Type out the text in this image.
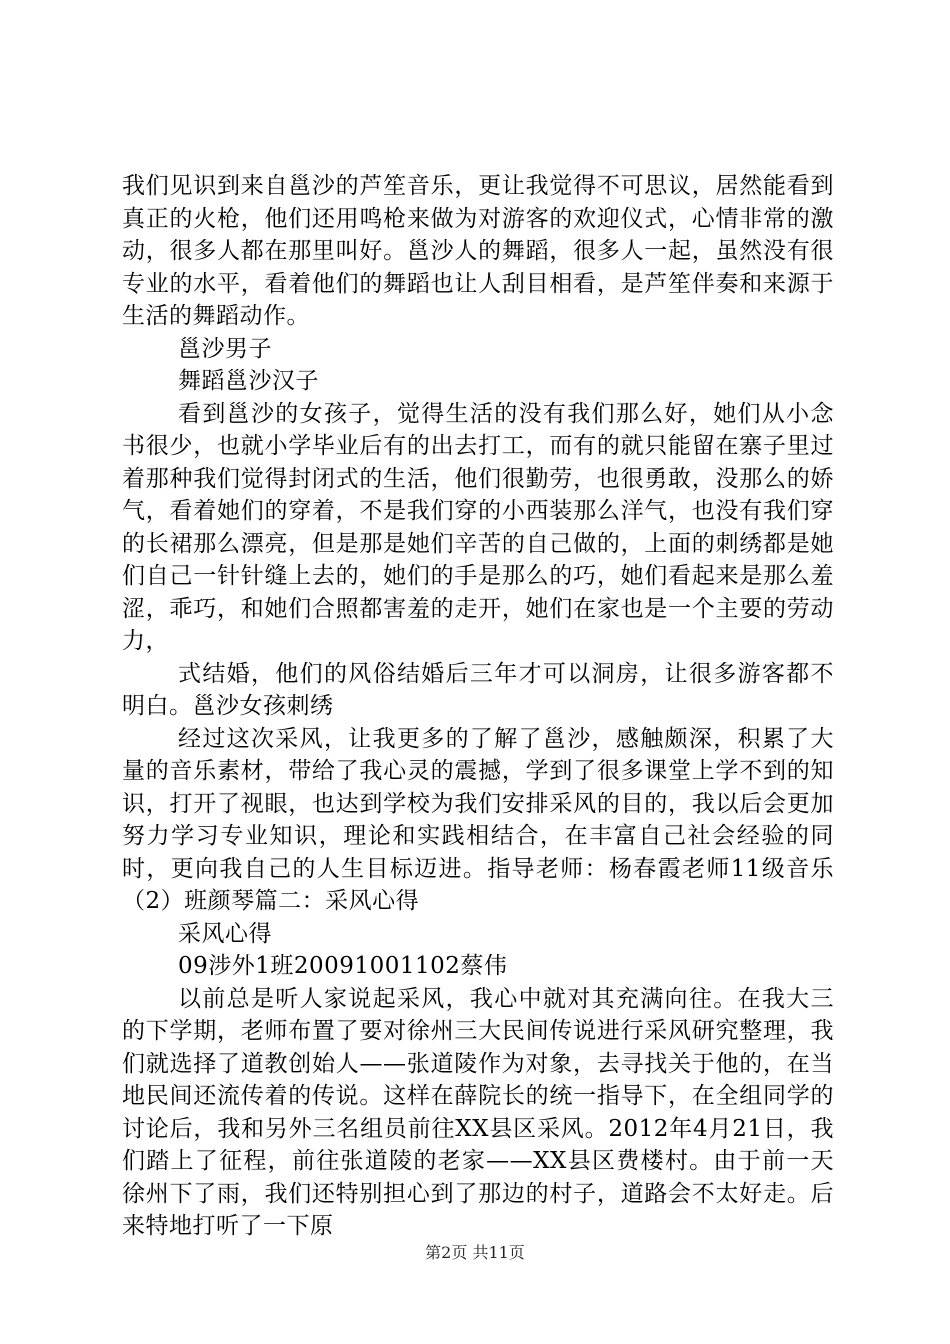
我们见识到来自邕沙的芦笙音乐，更让我觉得不可思议，居然能看到真正的火枪，他们还用鸣枪来做为对游客的欢迎仪式，心情非常的激动，很多人都在那里叫好。邕沙人的舞蹈，很多人一起，虽然没有很专业的水平，看着他们的舞蹈也让人刮目相看，是芦笙伴奏和来源于生活的舞蹈动作。

邕沙男子

舞蹈邕沙汉子

看到邕沙的女孩子，觉得生活的没有我们那么好，她们从小念书很少，也就小学毕业后有的出去打工，而有的就只能留在寨子里过着那种我们觉得封闭式的生活，他们很勤劳，也很勇敢，没那么的娇气，看着她们的穿着，不是我们穿的小西装那么洋气，也没有我们穿的长裙那么漂亮，但是那是她们辛苦的自己做的，上面的刺绣都是她们自己一针针缝上去的，她们的手是那么的巧，她们看起来是那么羞涩，乖巧，和她们合照都害羞的走开，她们在家也是一个主要的劳动力，

式结婚，他们的风俗结婚后三年才可以洞房，让很多游客都不明白。邕沙女孩刺绣

经过这次采风，让我更多的了解了邕沙，感触颇深，积累了大量的音乐素材，带给了我心灵的震撼，学到了很多课堂上学不到的知识，打开了视眼，也达到学校为我们安排采风的目的，我以后会更加努力学习专业知识，理论和实践相结合，在丰富自己社会经验的同时，更向我自己的人生目标迈进。指导老师：杨春霞老师11级音乐（2）班颜琴篇二：采风心得

采风心得

09涉外1班20091001102蔡伟

以前总是听人家说起采风，我心中就对其充满向往。在我大三的下学期，老师布置了要对徐州三大民间传说进行采风研究整理，我们就选择了道教创始人——张道陵作为对象，去寻找关于他的，在当地民间还流传着的传说。这样在薛院长的统一指导下，在全组同学的讨论后，我和另外三名组员前往XX县区采风。2012年4月21日，我们踏上了征程，前往张道陵的老家——XX县区费楼村。由于前一天徐州下了雨，我们还特别担心到了那边的村子，道路会不太好走。后来特地打听了一下原

第2页 共11页
